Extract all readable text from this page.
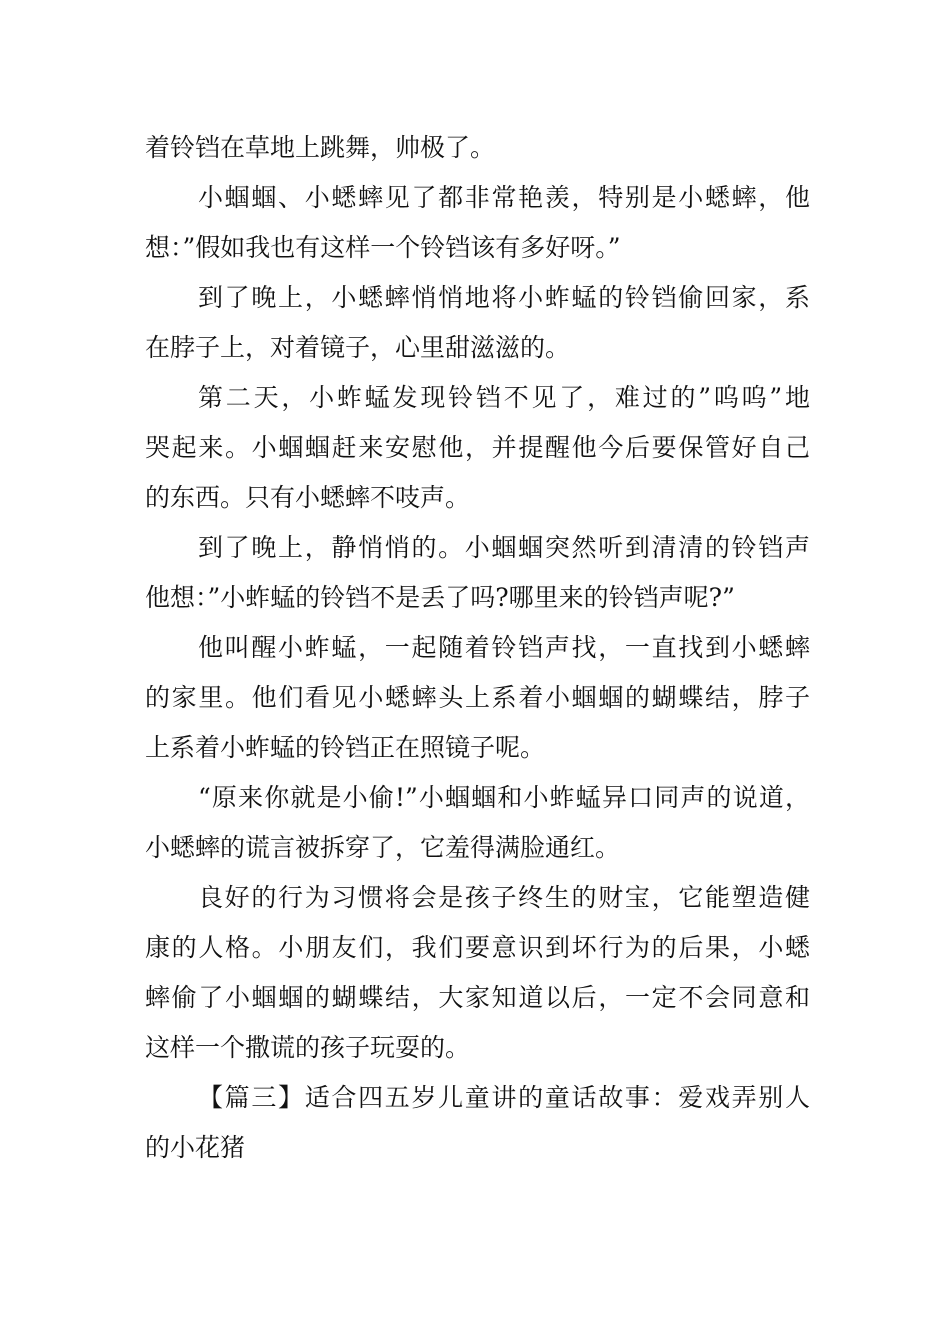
着铃铛在草地上跳舞，帅极了。
小蝈蝈、小蟋蟀见了都非常艳羡，特别是小蟋蟀，他
想：”假如我也有这样一个铃铛该有多好呀。”
到了晚上，小蟋蟀悄悄地将小蚱蜢的铃铛偷回家，系
在脖子上，对着镜子，心里甜滋滋的。
第二天，小蚱蜢发现铃铛不见了，难过的”呜呜”地
哭起来。小蝈蝈赶来安慰他，并提醒他今后要保管好自己
的东西。只有小蟋蟀不吱声。
到了晚上，静悄悄的。小蝈蝈突然听到清清的铃铛声
他想：”小蚱蜢的铃铛不是丢了吗?哪里来的铃铛声呢?”
他叫醒小蚱蜢，一起随着铃铛声找，一直找到小蟋蟀
的家里。他们看见小蟋蟀头上系着小蝈蝈的蝴蝶结，脖子
上系着小蚱蜢的铃铛正在照镜子呢。
“原来你就是小偷!”小蝈蝈和小蚱蜢异口同声的说道，
小蟋蟀的谎言被拆穿了，它羞得满脸通红。
良好的行为习惯将会是孩子终生的财宝，它能塑造健
康的人格。小朋友们，我们要意识到坏行为的后果，小蟋
蟀偷了小蝈蝈的蝴蝶结，大家知道以后，一定不会同意和
这样一个撒谎的孩子玩耍的。
【篇三】适合四五岁儿童讲的童话故事：爱戏弄别人
的小花猪
